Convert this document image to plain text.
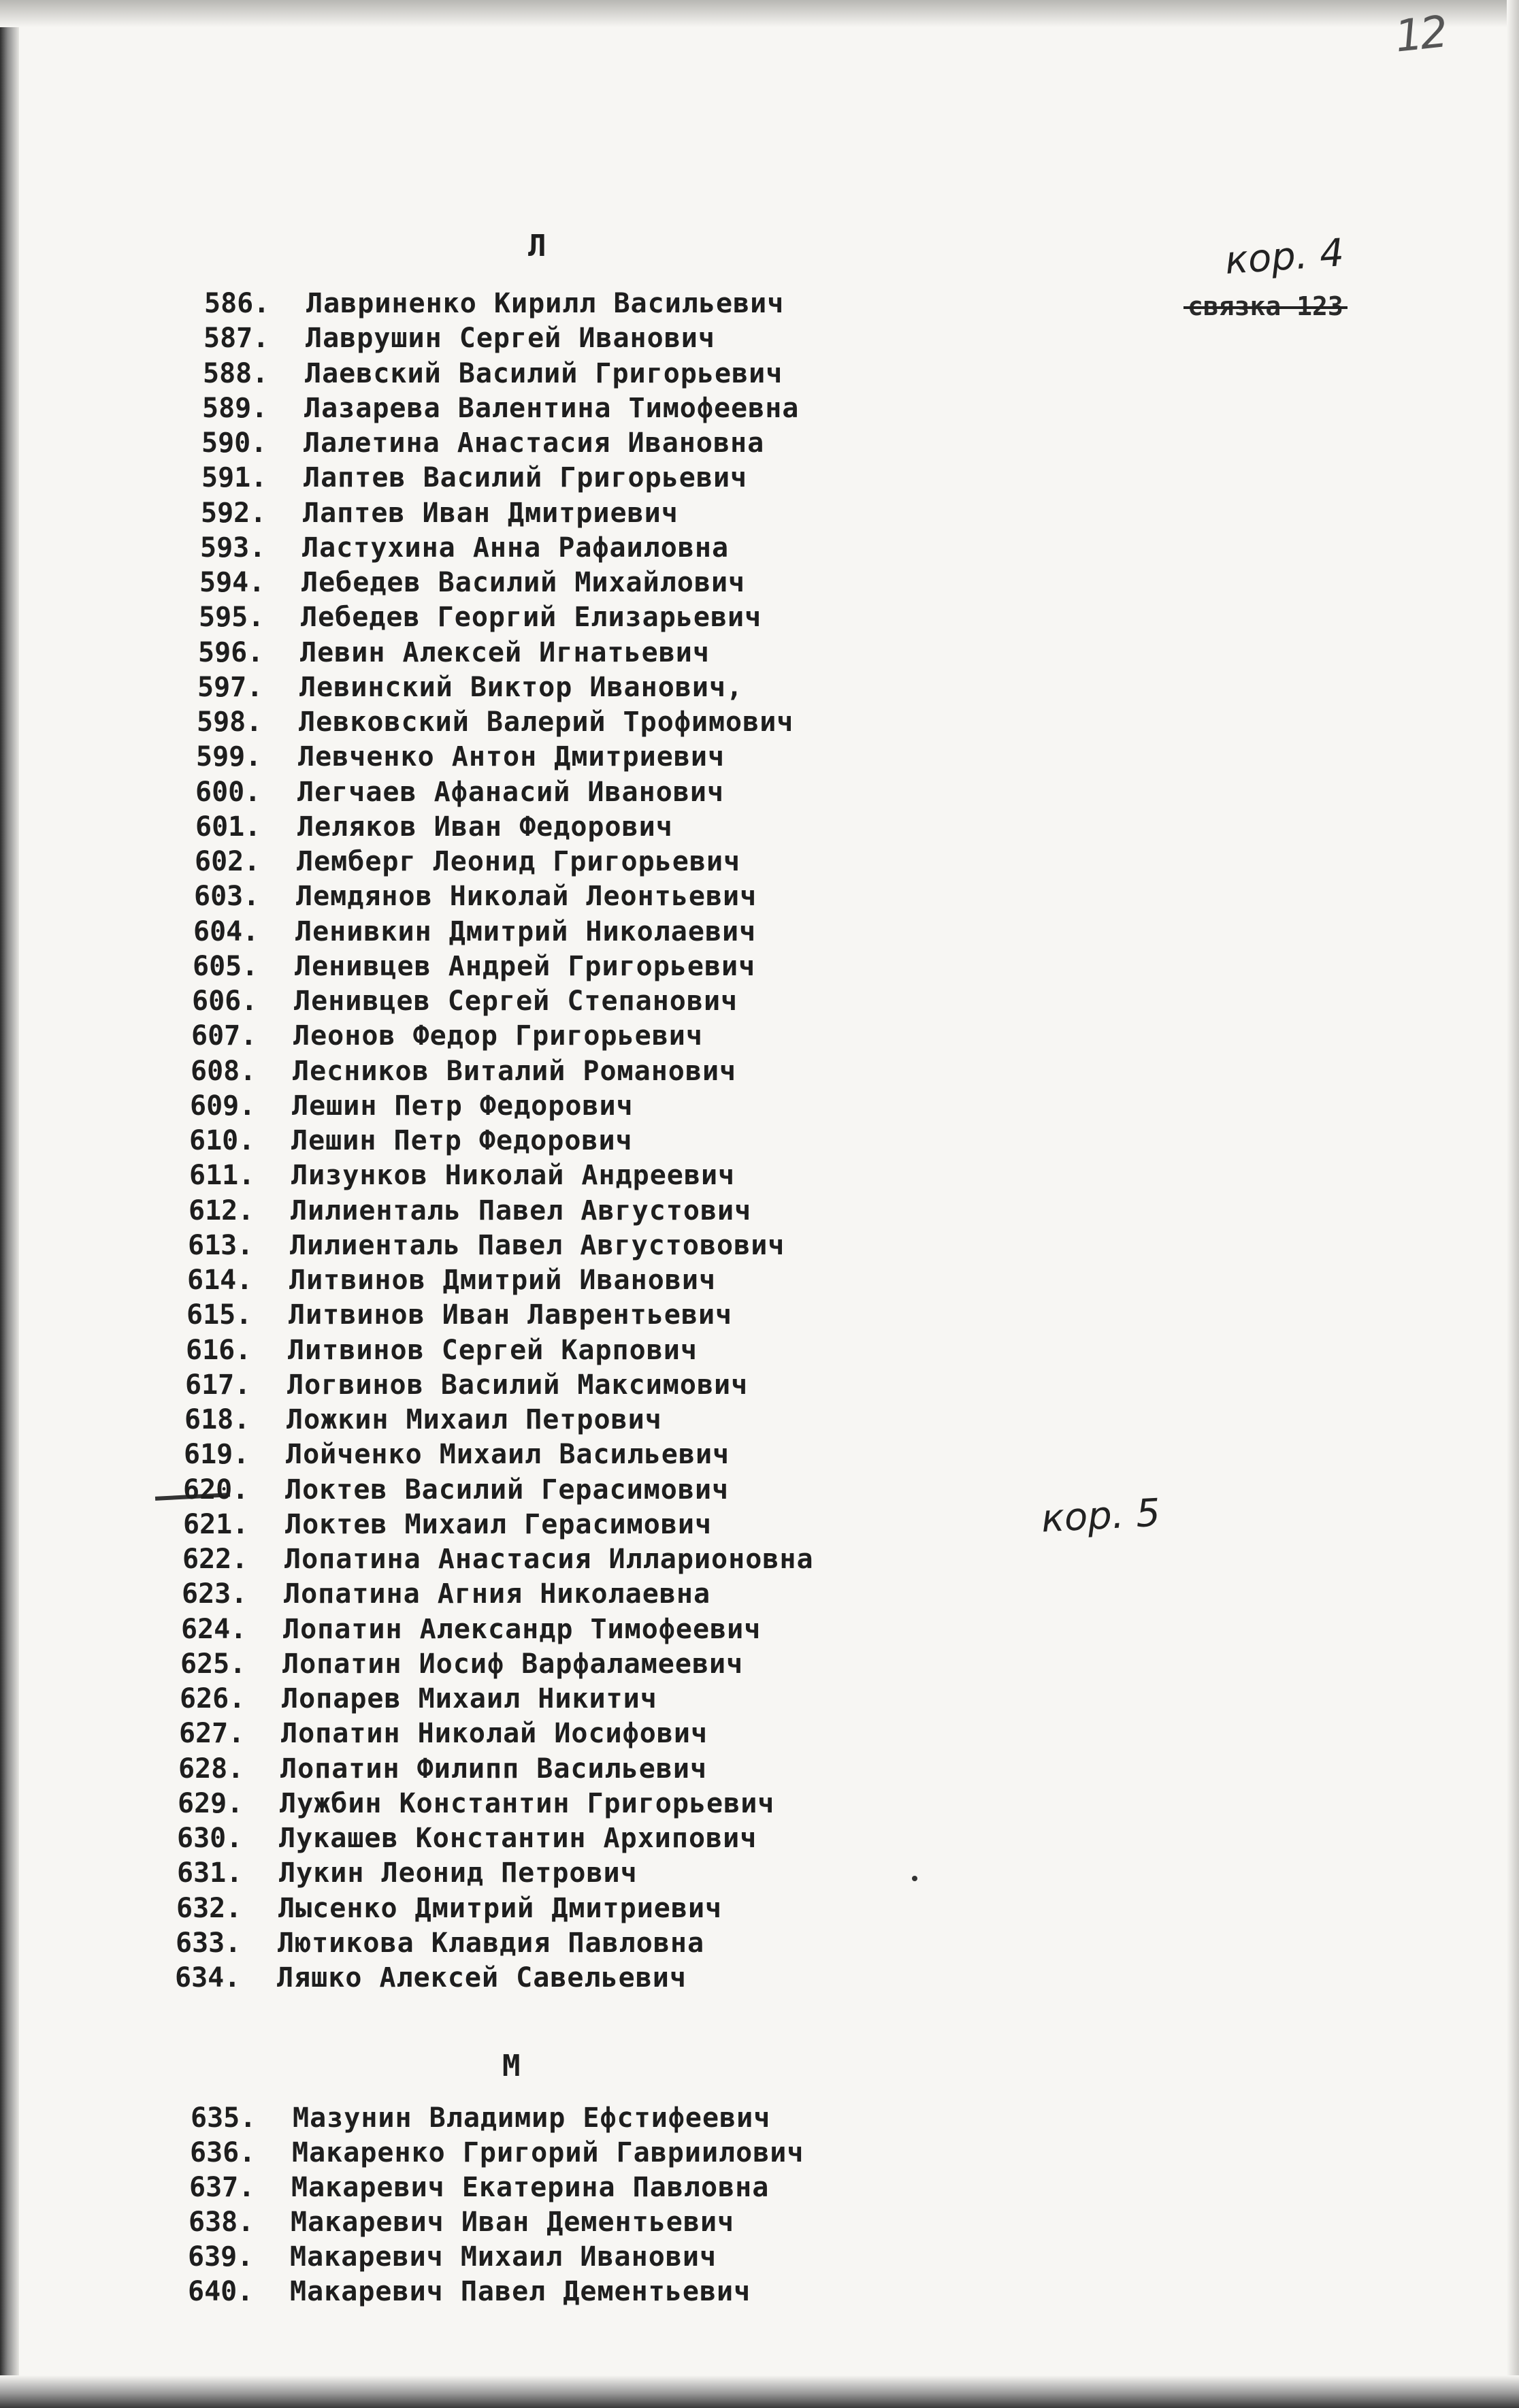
12
Л
М
кор. 4
связка 123
кор. 5
586. Лавриненко Кирилл Васильевич
587. Лаврушин Сергей Иванович
588. Лаевский Василий Григорьевич
589. Лазарева Валентина Тимофеевна
590. Лалетина Анастасия Ивановна
591. Лаптев Василий Григорьевич
592. Лаптев Иван Дмитриевич
593. Ластухина Анна Рафаиловна
594. Лебедев Василий Михайлович
595. Лебедев Георгий Елизарьевич
596. Левин Алексей Игнатьевич
597. Левинский Виктор Иванович,
598. Левковский Валерий Трофимович
599. Левченко Антон Дмитриевич
600. Легчаев Афанасий Иванович
601. Леляков Иван Федорович
602. Лемберг Леонид Григорьевич
603. Лемдянов Николай Леонтьевич
604. Ленивкин Дмитрий Николаевич
605. Ленивцев Андрей Григорьевич
606. Ленивцев Сергей Степанович
607. Леонов Федор Григорьевич
608. Лесников Виталий Романович
609. Лешин Петр Федорович
610. Лешин Петр Федорович
611. Лизунков Николай Андреевич
612. Лилиенталь Павел Августович
613. Лилиенталь Павел Августовович
614. Литвинов Дмитрий Иванович
615. Литвинов Иван Лаврентьевич
616. Литвинов Сергей Карпович
617. Логвинов Василий Максимович
618. Ложкин Михаил Петрович
619. Лойченко Михаил Васильевич
620. Локтев Василий Герасимович
621. Локтев Михаил Герасимович
622. Лопатина Анастасия Илларионовна
623. Лопатина Агния Николаевна
624. Лопатин Александр Тимофеевич
625. Лопатин Иосиф Варфаламеевич
626. Лопарев Михаил Никитич
627. Лопатин Николай Иосифович
628. Лопатин Филипп Васильевич
629. Лужбин Константин Григорьевич
630. Лукашев Константин Архипович
631. Лукин Леонид Петрович
632. Лысенко Дмитрий Дмитриевич
633. Лютикова Клавдия Павловна
634. Ляшко Алексей Савельевич
635. Мазунин Владимир Ефстифеевич
636. Макаренко Григорий Гавриилович
637. Макаревич Екатерина Павловна
638. Макаревич Иван Дементьевич
639. Макаревич Михаил Иванович
640. Макаревич Павел Дементьевич
